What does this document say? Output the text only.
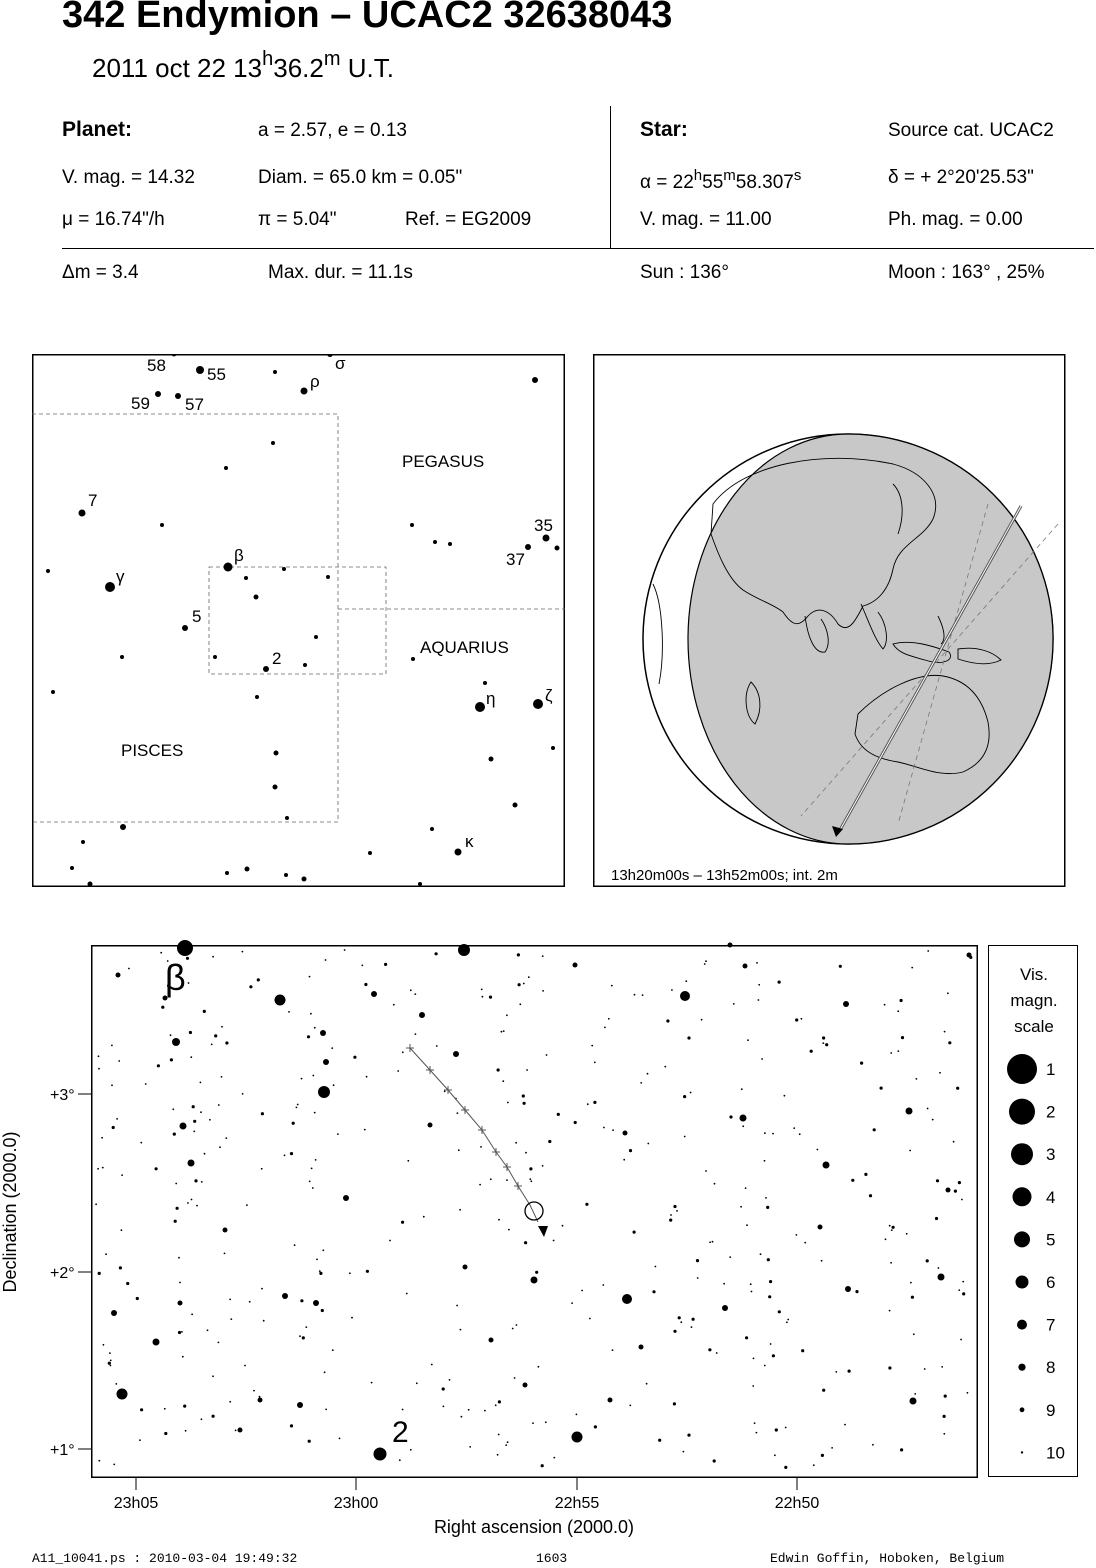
342 Endymion – UCAC2 32638043
2011 oct 22 13$^h$36.2$^m$ U.T.
Planet:	a = 2.57, e = 0.13
V. mag. = 14.32	Diam. = 65.0 km = 0.05"
μ = 16.74"/h	π = 5.04"	Ref. = EG2009
Star:	Source cat. UCAC2
$\alpha = 22^h55^m58.307^s$	δ = + 2°20'25.53"
V. mag. = 11.00	Ph. mag. = 0.00
Δm = 3.4	Max. dur. = 11.1s	Sun : 136°	Moon : 163° , 25%
58 55
σ
ρ
59 57
7
35
37
β
γ
5
2
η	ζ
κ
PEGASUS
AQUARIUS
PISCES
13h20m00s – 13h52m00s; int. 2m
+3°
+2°
+1°
23h05	23h00	22h55	22h50
Right ascension (2000.0)
Declination (2000.0)
β
2
Vis.
magn.
scale
1
2
3
4
5
6
7
8
9
10
A11_10041.ps : 2010-03-04 19:49:32	1603	Edwin Goffin, Hoboken, Belgium
